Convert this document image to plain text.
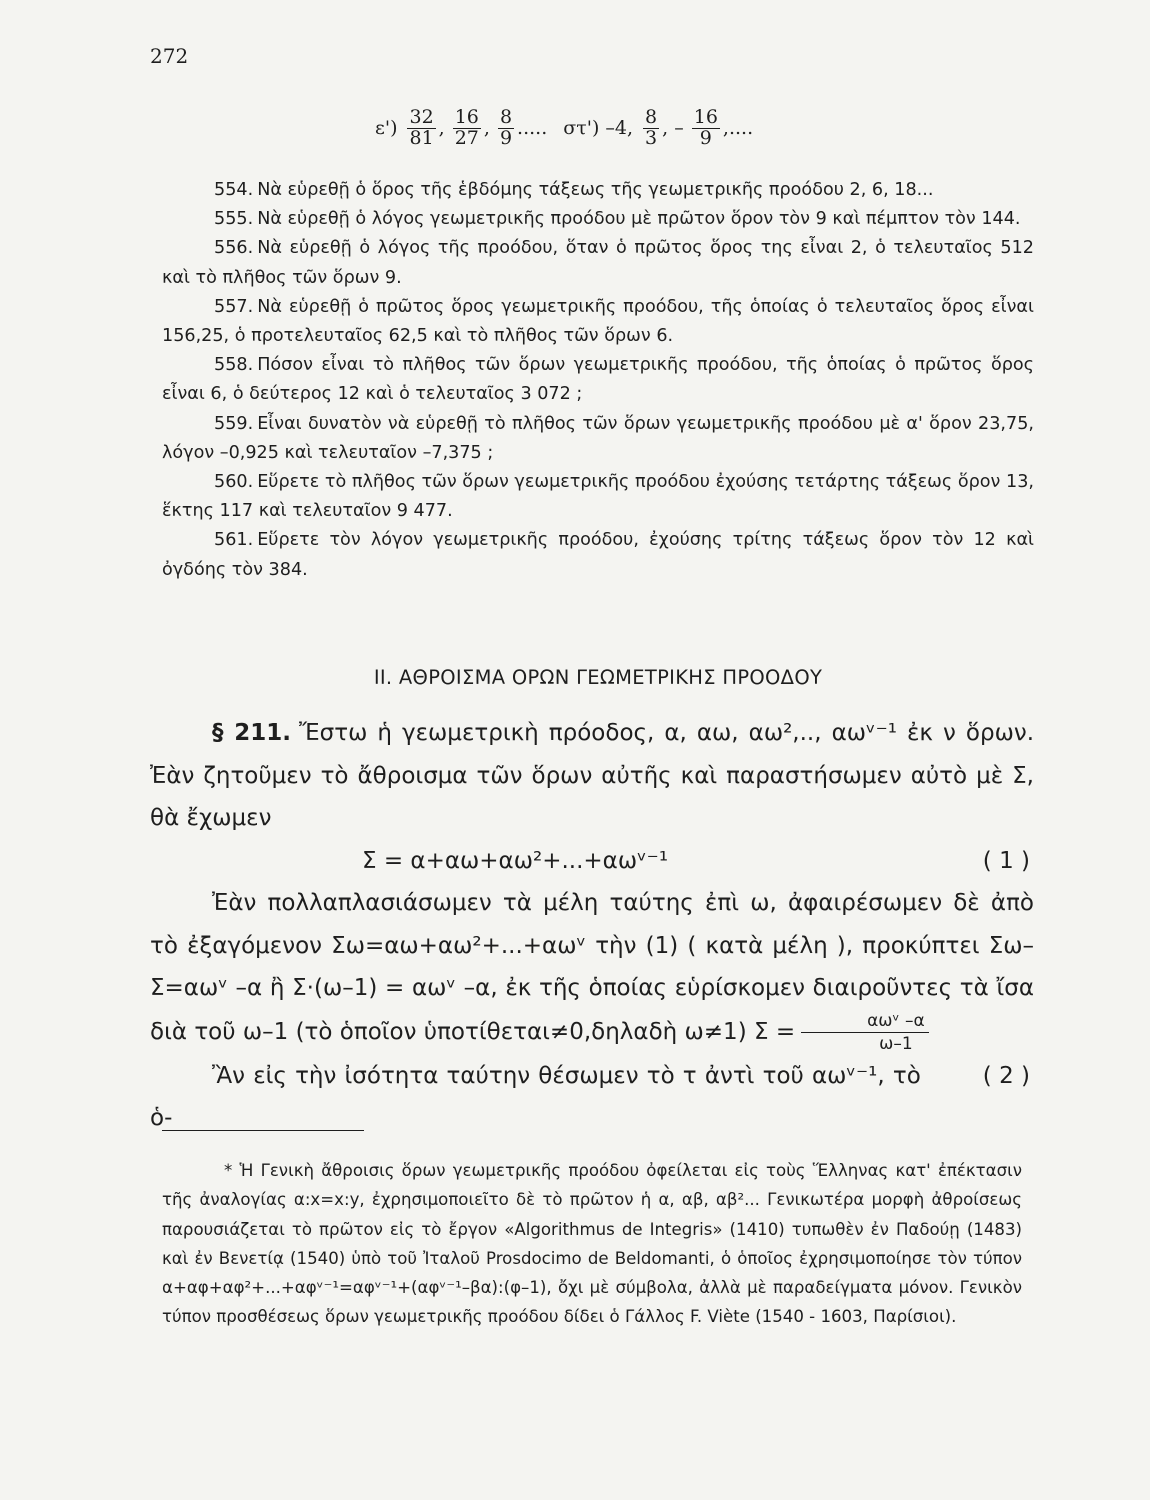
272
$\varepsilon') \frac{32}{81}$ , $\frac{16}{27}$ , $\frac{8}{9}$ ..... στ') –4, $\frac{8}{3}$ , – $\frac{16}{9}$ ,....

554. Νὰ εὑρεθῇ ὁ ὅρος τῆς ἑβδόμης τάξεως τῆς γεωμετρικῆς προόδου 2, 6, 18...

555. Νὰ εὑρεθῇ ὁ λόγος γεωμετρικῆς προόδου μὲ πρῶτον ὅρον τὸν 9 καὶ πέμπτον τὸν 144.

556. Νὰ εὑρεθῇ ὁ λόγος τῆς προόδου, ὅταν ὁ πρῶτος ὅρος της εἶναι 2, ὁ τελευταῖος 512 καὶ τὸ πλῆθος τῶν ὅρων 9.

557. Νὰ εὑρεθῇ ὁ πρῶτος ὅρος γεωμετρικῆς προόδου, τῆς ὁποίας ὁ τελευταῖος ὅρος εἶναι 156,25, ὁ προτελευταῖος 62,5 καὶ τὸ πλῆθος τῶν ὅρων 6.

558. Πόσον εἶναι τὸ πλῆθος τῶν ὅρων γεωμετρικῆς προόδου, τῆς ὁποίας ὁ πρῶτος ὅρος εἶναι 6, ὁ δεύτερος 12 καὶ ὁ τελευταῖος 3 072 ;

559. Εἶναι δυνατὸν νὰ εὑρεθῇ τὸ πλῆθος τῶν ὅρων γεωμετρικῆς προόδου μὲ α' ὅρον 23,75, λόγον –0,925 καὶ τελευταῖον –7,375 ;

560. Εὕρετε τὸ πλῆθος τῶν ὅρων γεωμετρικῆς προόδου ἐχούσης τετάρτης τάξεως ὅρον 13, ἕκτης 117 καὶ τελευταῖον 9 477.

561. Εὕρετε τὸν λόγον γεωμετρικῆς προόδου, ἐχούσης τρίτης τάξεως ὅρον τὸν 12 καὶ ὀγδόης τὸν 384.

ΙΙ. ΑΘΡΟΙΣΜΑ ΟΡΩΝ ΓΕΩΜΕΤΡΙΚΗΣ ΠΡΟΟΔΟΥ

§ 211. Ἔστω ἡ γεωμετρικὴ πρόοδος, α, αω, αω²,.., αωᵛ⁻¹ ἐκ ν ὅρων. Ἐὰν ζητοῦμεν τὸ ἄθροισμα τῶν ὅρων αὐτῆς καὶ παραστήσωμεν αὐτὸ μὲ Σ, θὰ ἔχωμεν

Σ = α+αω+αω²+...+αωᵛ⁻¹	( 1 )

Ἐὰν πολλαπλασιάσωμεν τὰ μέλη ταύτης ἐπὶ ω, ἀφαιρέσωμεν δὲ ἀπὸ τὸ ἐξαγόμενον Σω=αω+αω²+...+αωᵛ τὴν (1) ( κατὰ μέλη ), προκύπτει Σω–Σ=αωᵛ –α ἢ Σ·(ω–1) = αωᵛ –α, ἐκ τῆς ὁποίας εὑρίσκομεν διαιροῦντες τὰ ἴσα διὰ τοῦ ω–1 (τὸ ὁποῖον ὑποτίθεται≠0,δηλαδὴ ω≠1) $\Sigma = \frac{\text{αωᵛ –α}}{\omega-1}$
( 2 )

Ἂν εἰς τὴν ἰσότητα ταύτην θέσωμεν τὸ τ ἀντὶ τοῦ αωᵛ⁻¹, τὸ ὁ-

* Ἡ Γενικὴ ἄθροισις ὅρων γεωμετρικῆς προόδου ὀφείλεται εἰς τοὺς Ἕλληνας κατ' ἐπέκτασιν τῆς ἀναλογίας α:x=x:y, ἐχρησιμοποιεῖτο δὲ τὸ πρῶτον ἡ α, αβ, αβ²... Γενικωτέρα μορφὴ ἀθροίσεως παρουσιάζεται τὸ πρῶτον εἰς τὸ ἔργον «Algorithmus de Integris» (1410) τυπωθὲν ἐν Παδούῃ (1483) καὶ ἐν Βενετίᾳ (1540) ὑπὸ τοῦ Ἰταλοῦ Prosdocimo de Beldomanti, ὁ ὁποῖος ἐχρησιμοποίησε τὸν τύπον α+αφ+αφ²+...+αφᵛ⁻¹=αφᵛ⁻¹+(αφᵛ⁻¹–βα):(φ–1), ὄχι μὲ σύμβολα, ἀλλὰ μὲ παραδείγματα μόνον. Γενικὸν τύπον προσθέσεως ὅρων γεωμετρικῆς προόδου δίδει ὁ Γάλλος F. Viète (1540 - 1603, Παρίσιοι).
